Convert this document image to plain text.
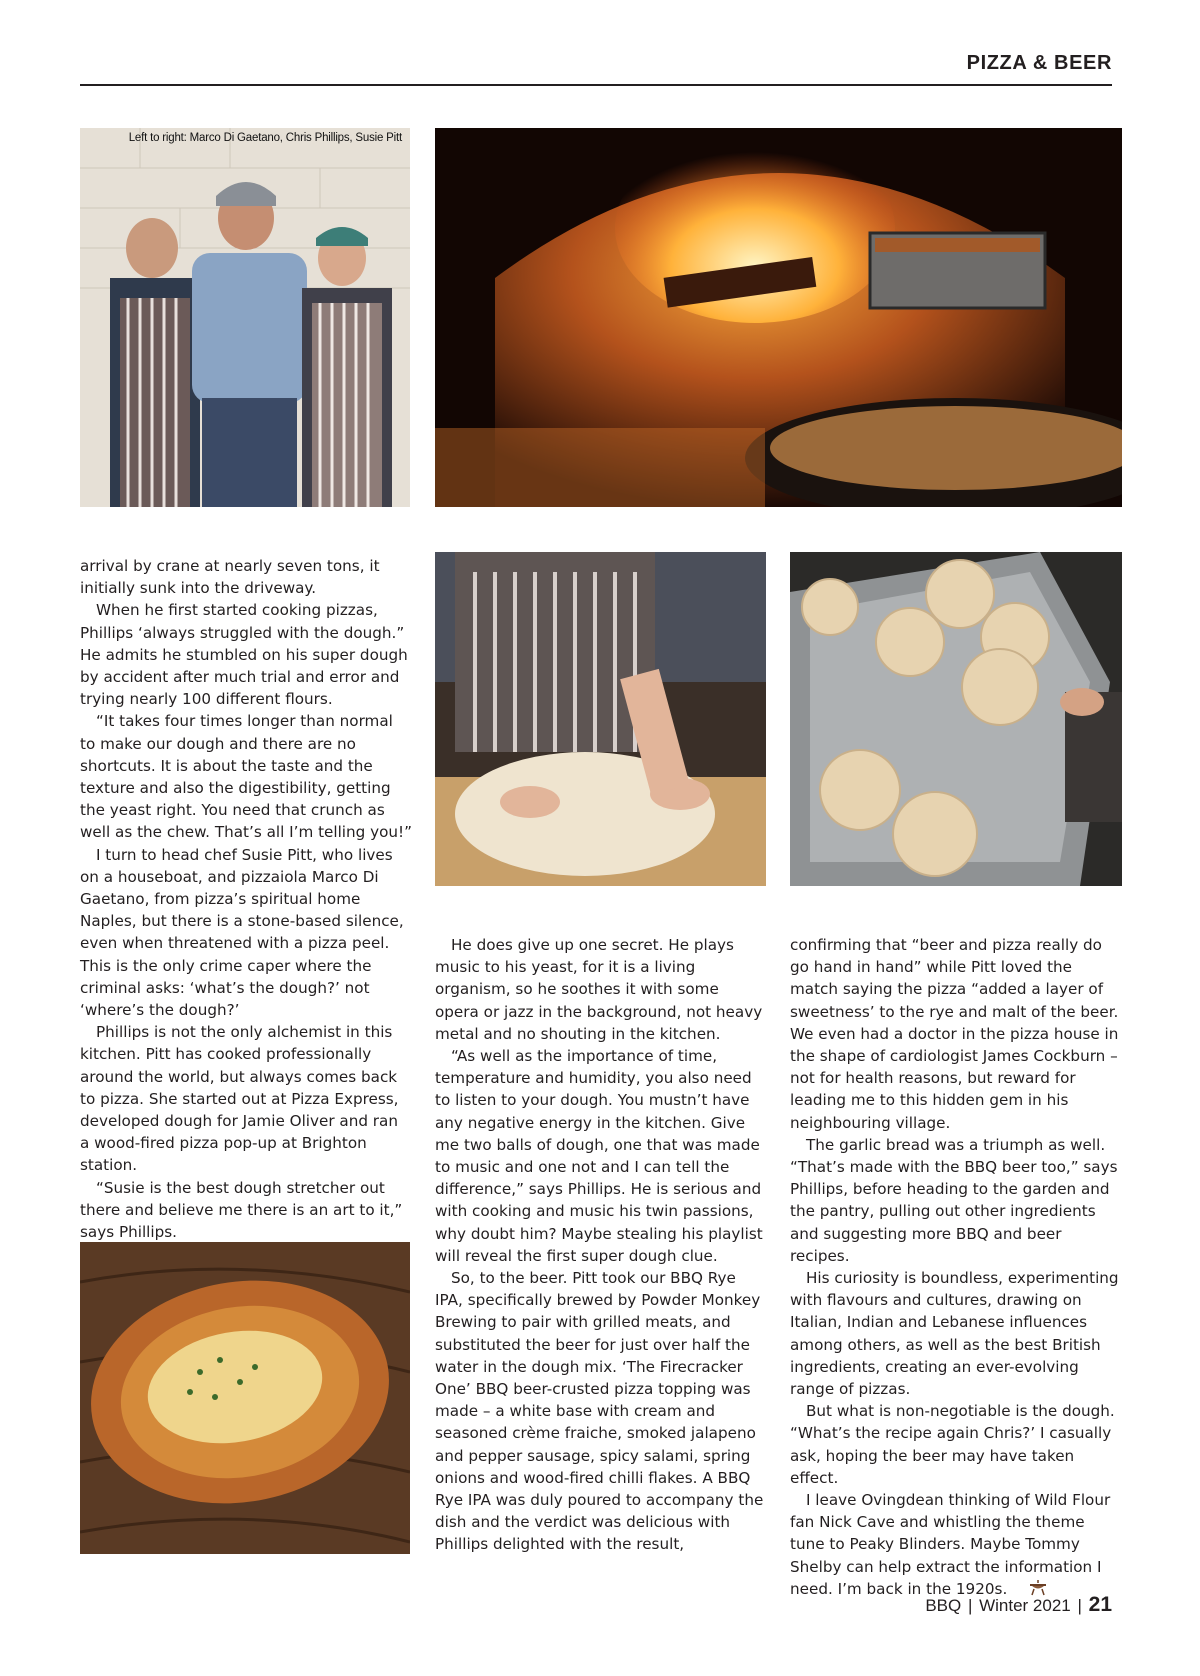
PIZZA & BEER
Left to right: Marco Di Gaetano, Chris Phillips, Susie Pitt

arrival by crane at nearly seven tons, it initially sunk into the driveway.

When he first started cooking pizzas, Phillips ‘always struggled with the dough.” He admits he stumbled on his super dough by accident after much trial and error and trying nearly 100 different flours.

“It takes four times longer than normal to make our dough and there are no shortcuts. It is about the taste and the texture and also the digestibility, getting the yeast right. You need that crunch as well as the chew. That’s all I’m telling you!”

I turn to head chef Susie Pitt, who lives on a houseboat, and pizzaiola Marco Di Gaetano, from pizza’s spiritual home Naples, but there is a stone-based silence, even when threatened with a pizza peel. This is the only crime caper where the criminal asks: ‘what’s the dough?’ not ‘where’s the dough?’

Phillips is not the only alchemist in this kitchen. Pitt has cooked professionally around the world, but always comes back to pizza. She started out at Pizza Express, developed dough for Jamie Oliver and ran a wood-fired pizza pop-up at Brighton station.

“Susie is the best dough stretcher out there and believe me there is an art to it,” says Phillips.

He does give up one secret. He plays music to his yeast, for it is a living organism, so he soothes it with some opera or jazz in the background, not heavy metal and no shouting in the kitchen.

“As well as the importance of time, temperature and humidity, you also need to listen to your dough. You mustn’t have any negative energy in the kitchen. Give me two balls of dough, one that was made to music and one not and I can tell the difference,” says Phillips. He is serious and with cooking and music his twin passions, why doubt him? Maybe stealing his playlist will reveal the first super dough clue.

So, to the beer. Pitt took our BBQ Rye IPA, specifically brewed by Powder Monkey Brewing to pair with grilled meats, and substituted the beer for just over half the water in the dough mix. ‘The Firecracker One’ BBQ beer-crusted pizza topping was made – a white base with cream and seasoned crème fraiche, smoked jalapeno and pepper sausage, spicy salami, spring onions and wood-fired chilli flakes. A BBQ Rye IPA was duly poured to accompany the dish and the verdict was delicious with Phillips delighted with the result,

confirming that “beer and pizza really do go hand in hand” while Pitt loved the match saying the pizza “added a layer of sweetness’ to the rye and malt of the beer. We even had a doctor in the pizza house in the shape of cardiologist James Cockburn – not for health reasons, but reward for leading me to this hidden gem in his neighbouring village.

The garlic bread was a triumph as well. “That’s made with the BBQ beer too,” says Phillips, before heading to the garden and the pantry, pulling out other ingredients and suggesting more BBQ and beer recipes.

His curiosity is boundless, experimenting with flavours and cultures, drawing on Italian, Indian and Lebanese influences among others, as well as the best British ingredients, creating an ever-evolving range of pizzas.

But what is non-negotiable is the dough. “What’s the recipe again Chris?’ I casually ask, hoping the beer may have taken effect.

I leave Ovingdean thinking of Wild Flour fan Nick Cave and whistling the theme tune to Peaky Blinders. Maybe Tommy Shelby can help extract the information I need. I’m back in the 1920s.

BBQ | Winter 2021 | 21
